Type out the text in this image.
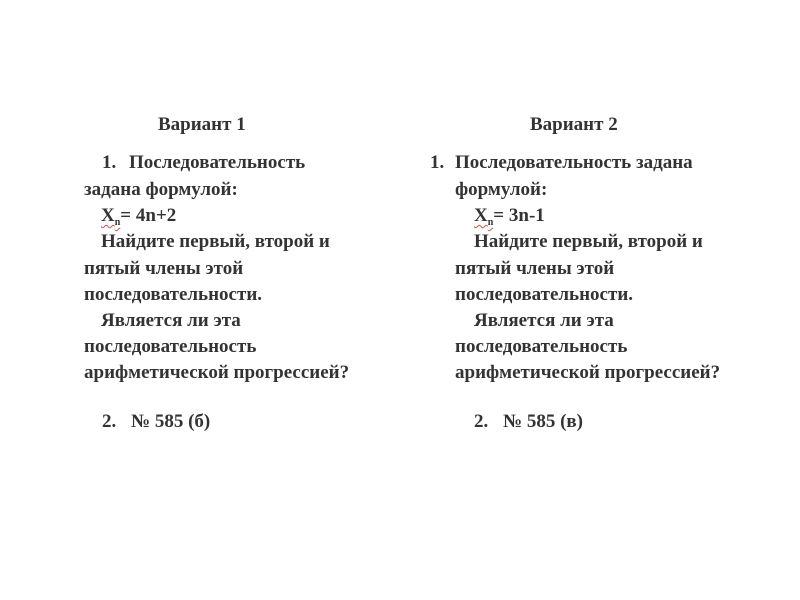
Вариант 1
1. Последовательность
задана формулой:
$X_n= 4n+2$
Найдите первый, второй и
пятый члены этой
последовательности.
Является ли эта
последовательность
арифметической прогрессией?
2. № 585 (б)
Вариант 2
1. Последовательность задана
формулой:
$X_n= 3n-1$
Найдите первый, второй и
пятый члены этой
последовательности.
Является ли эта
последовательность
арифметической прогрессией?
2. № 585 (в)
